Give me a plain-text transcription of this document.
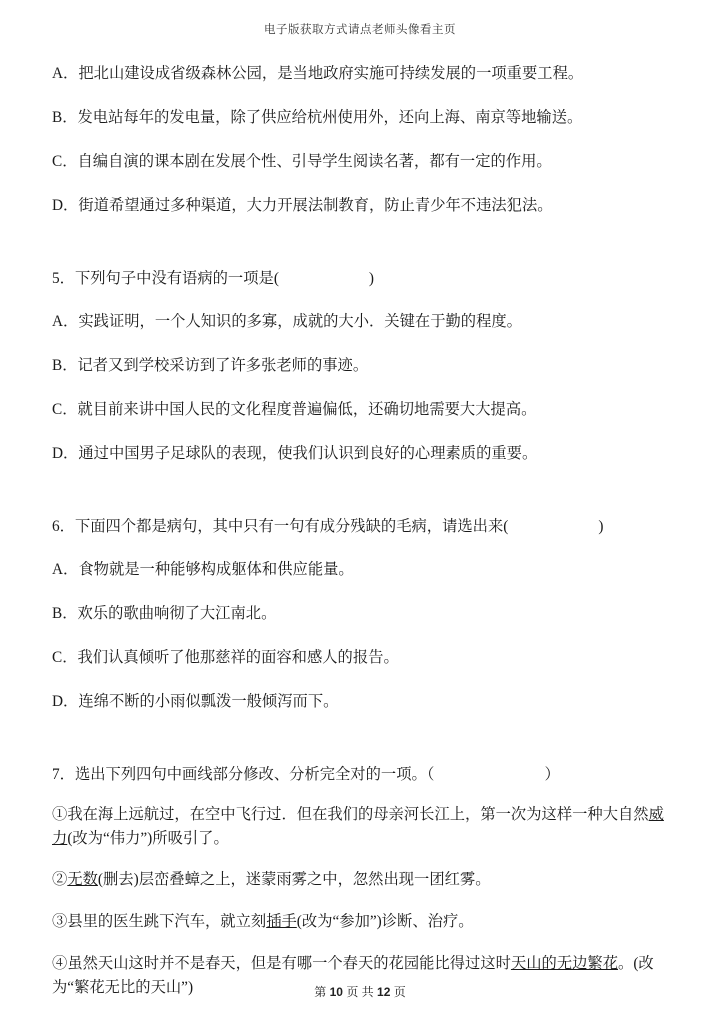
电子版获取方式请点老师头像看主页
A．把北山建设成省级森林公园，是当地政府实施可持续发展的一项重要工程。
B．发电站每年的发电量，除了供应给杭州使用外，还向上海、南京等地输送。
C．自编自演的课本剧在发展个性、引导学生阅读名著，都有一定的作用。
D．街道希望通过多种渠道，大力开展法制教育，防止青少年不违法犯法。
5．下列句子中没有语病的一项是(	)
A．实践证明，一个人知识的多寡，成就的大小．关键在于勤的程度。
B．记者又到学校采访到了许多张老师的事迹。
C．就目前来讲中国人民的文化程度普遍偏低，还确切地需要大大提高。
D．通过中国男子足球队的表现，使我们认识到良好的心理素质的重要。
6．下面四个都是病句，其中只有一句有成分残缺的毛病，请选出来(	)
A．食物就是一种能够构成躯体和供应能量。
B．欢乐的歌曲响彻了大江南北。
C．我们认真倾听了他那慈祥的面容和感人的报告。
D．连绵不断的小雨似瓢泼一般倾泻而下。
7．选出下列四句中画线部分修改、分析完全对的一项。（	）
①我在海上远航过，在空中飞行过．但在我们的母亲河长江上，第一次为这样一种大自然威力(改为“伟力”)所吸引了。
②无数(删去)层峦叠蟑之上，迷蒙雨雾之中，忽然出现一团红雾。
③县里的医生跳下汽车，就立刻插手(改为“参加”)诊断、治疗。
④虽然天山这时并不是春天，但是有哪一个春天的花园能比得过这时天山的无边繁花。(改为“繁花无比的天山”)	第 10 页 共 12 页
